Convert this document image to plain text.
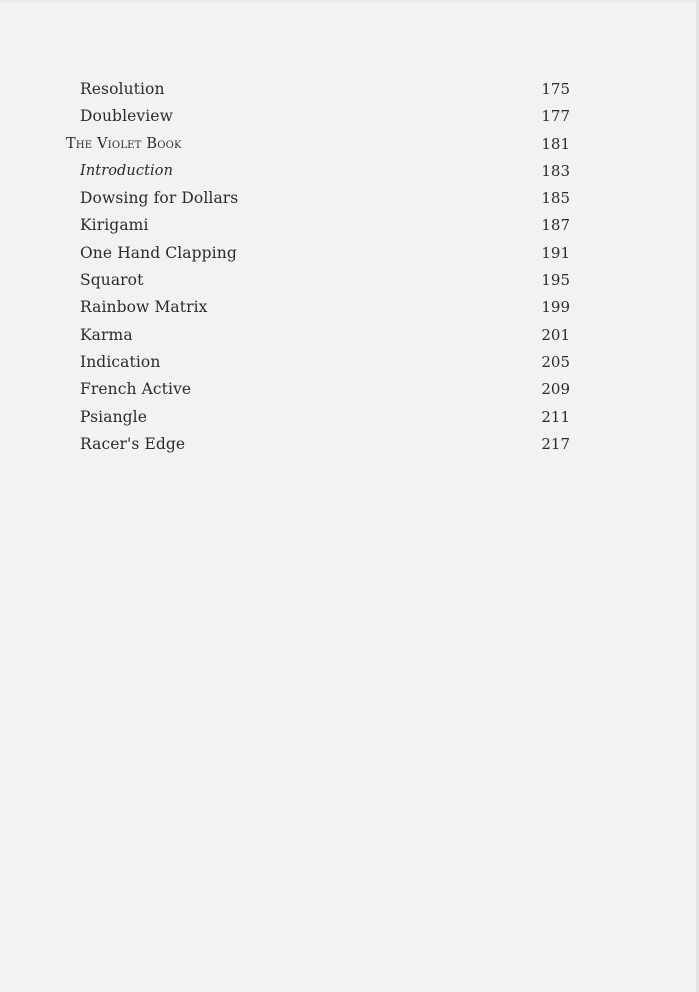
Resolution	175
Doubleview	177
The Violet Book	181
Introduction	183
Dowsing for Dollars	185
Kirigami	187
One Hand Clapping	191
Squarot	195
Rainbow Matrix	199
Karma	201
Indication	205
French Active	209
Psiangle	211
Racer's Edge	217
